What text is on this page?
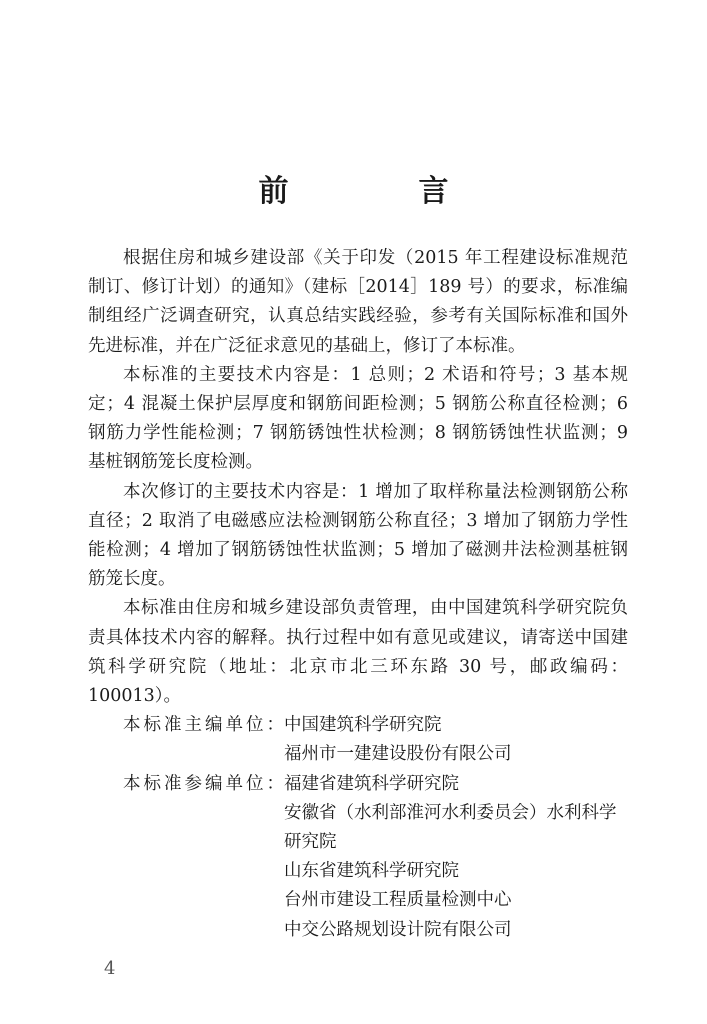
前　言

根据住房和城乡建设部《关于印发（2015 年工程建设标准规范制订、修订计划）的通知》（建标［2014］189 号）的要求，标准编制组经广泛调查研究，认真总结实践经验，参考有关国际标准和国外先进标准，并在广泛征求意见的基础上，修订了本标准。

本标准的主要技术内容是：1 总则；2 术语和符号；3 基本规定；4 混凝土保护层厚度和钢筋间距检测；5 钢筋公称直径检测；6 钢筋力学性能检测；7 钢筋锈蚀性状检测；8 钢筋锈蚀性状监测；9 基桩钢筋笼长度检测。

本次修订的主要技术内容是：1 增加了取样称量法检测钢筋公称直径；2 取消了电磁感应法检测钢筋公称直径；3 增加了钢筋力学性能检测；4 增加了钢筋锈蚀性状监测；5 增加了磁测井法检测基桩钢筋笼长度。

本标准由住房和城乡建设部负责管理，由中国建筑科学研究院负责具体技术内容的解释。执行过程中如有意见或建议，请寄送中国建筑科学研究院（地址：北京市北三环东路 30 号，邮政编码：100013）。

本标准主编单位：
中国建筑科学研究院
福州市一建建设股份有限公司
本标准参编单位：
福建省建筑科学研究院
安徽省（水利部淮河水利委员会）水利科学研究院
山东省建筑科学研究院
台州市建设工程质量检测中心
中交公路规划设计院有限公司
4
